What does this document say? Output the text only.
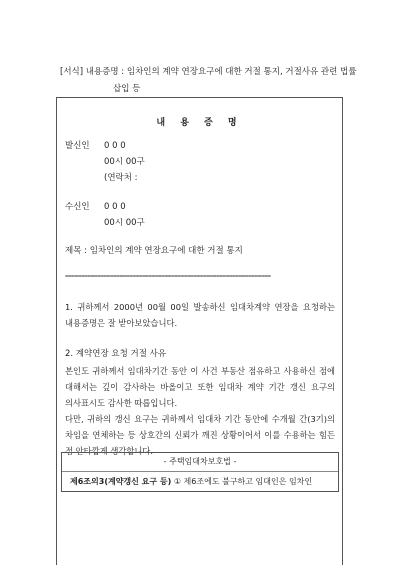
[서식] 내용증명 : 임차인의 계약 연장요구에 대한 거절 통지, 거절사유 관련 법률
삽입 등
내 용 증 명
발신인 0 0 0
00시 00구
(연락처 :
수신인 0 0 0
00시 00구
제목 : 임차인의 계약 연장요구에 대한 거절 통지
================================================================
1. 귀하께서 2000년 00월 00일 발송하신 임대차계약 연장을 요청하는 내용증명은 잘 받아보았습니다.
2. 계약연장 요청 거절 사유
본인도 귀하께서 임대차기간 동안 이 사건 부동산 점유하고 사용하신 점에 대해서는 깊이 감사하는 바올이고 또한 임대차 계약 기간 갱신 요구의 의사표시도 감사한 따릅입니다.
다만, 귀하의 갱신 요구는 귀하께서 임대차 기간 동안에 수개월 간(3기)의 차임을 연체하는 등 상호간의 신뢰가 깨진 상황이어서 이를 수용하는 힘든 점 안타깝게 생각합니다.
- 주택임대차보호법 -
제6조의3(계약갱신 요구 등) ① 제6조에도 불구하고 임대인은 임차인
